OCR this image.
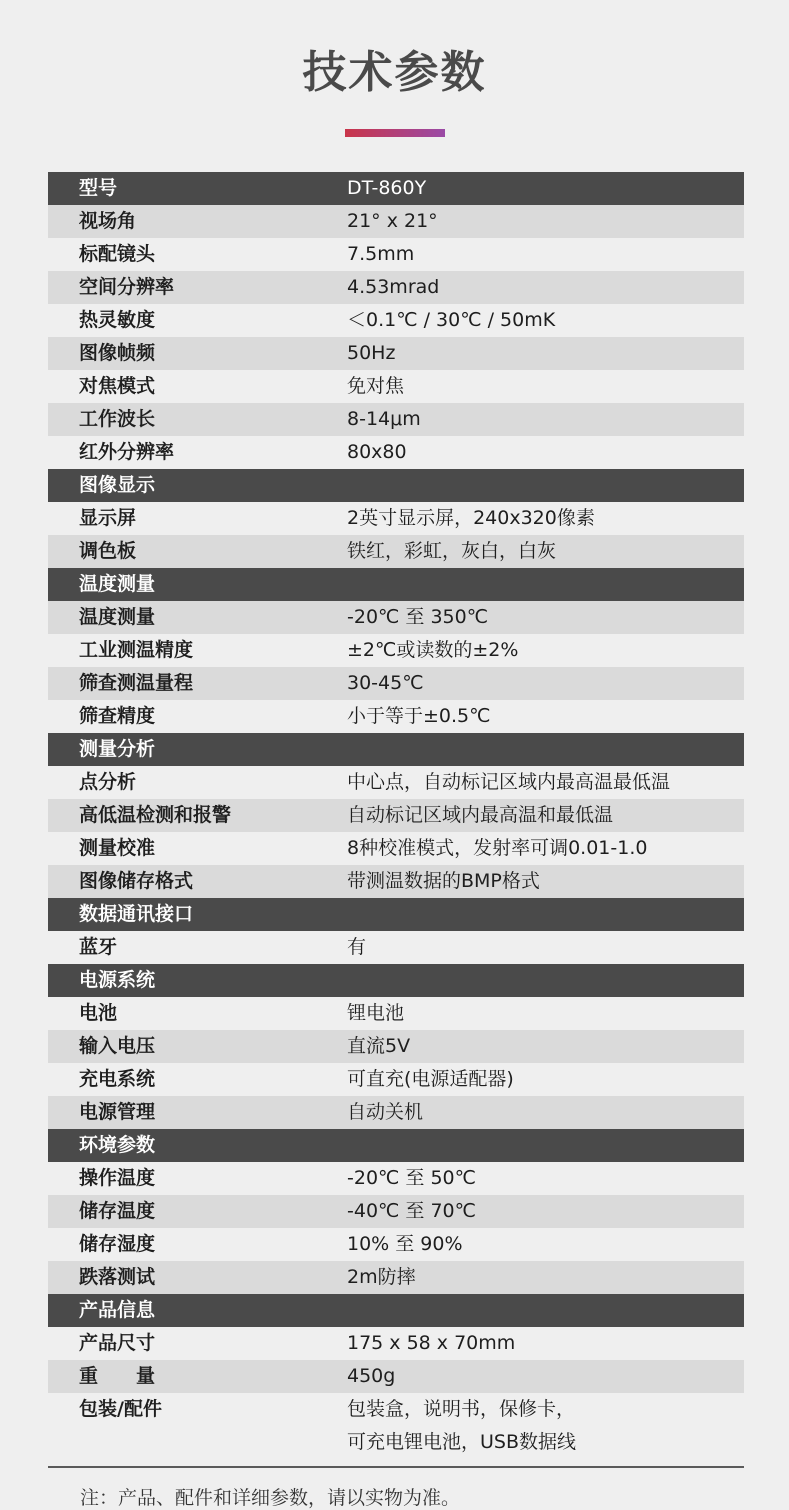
技术参数
型号	DT-860Y
视场角	21° x 21°
标配镜头	7.5mm
空间分辨率	4.53mrad
热灵敏度	＜0.1℃ / 30℃ / 50mK
图像帧频	50Hz
对焦模式	免对焦
工作波长	8-14μm
红外分辨率	80x80
图像显示
显示屏	2英寸显示屏，240x320像素
调色板	铁红，彩虹，灰白，白灰
温度测量
温度测量	-20℃ 至 350℃
工业测温精度	±2℃或读数的±2%
筛查测温量程	30-45℃
筛查精度	小于等于±0.5℃
测量分析
点分析	中心点，自动标记区域内最高温最低温
高低温检测和报警	自动标记区域内最高温和最低温
测量校准	8种校准模式，发射率可调0.01-1.0
图像储存格式	带测温数据的BMP格式
数据通讯接口
蓝牙	有
电源系统
电池	锂电池
输入电压	直流5V
充电系统	可直充(电源适配器)
电源管理	自动关机
环境参数
操作温度	-20℃ 至 50℃
储存温度	-40℃ 至 70℃
储存湿度	10% 至 90%
跌落测试	2m防摔
产品信息
产品尺寸	175 x 58 x 70mm
重　　量	450g
包装/配件	包装盒，说明书，保修卡，
可充电锂电池，USB数据线
注：产品、配件和详细参数，请以实物为准。
